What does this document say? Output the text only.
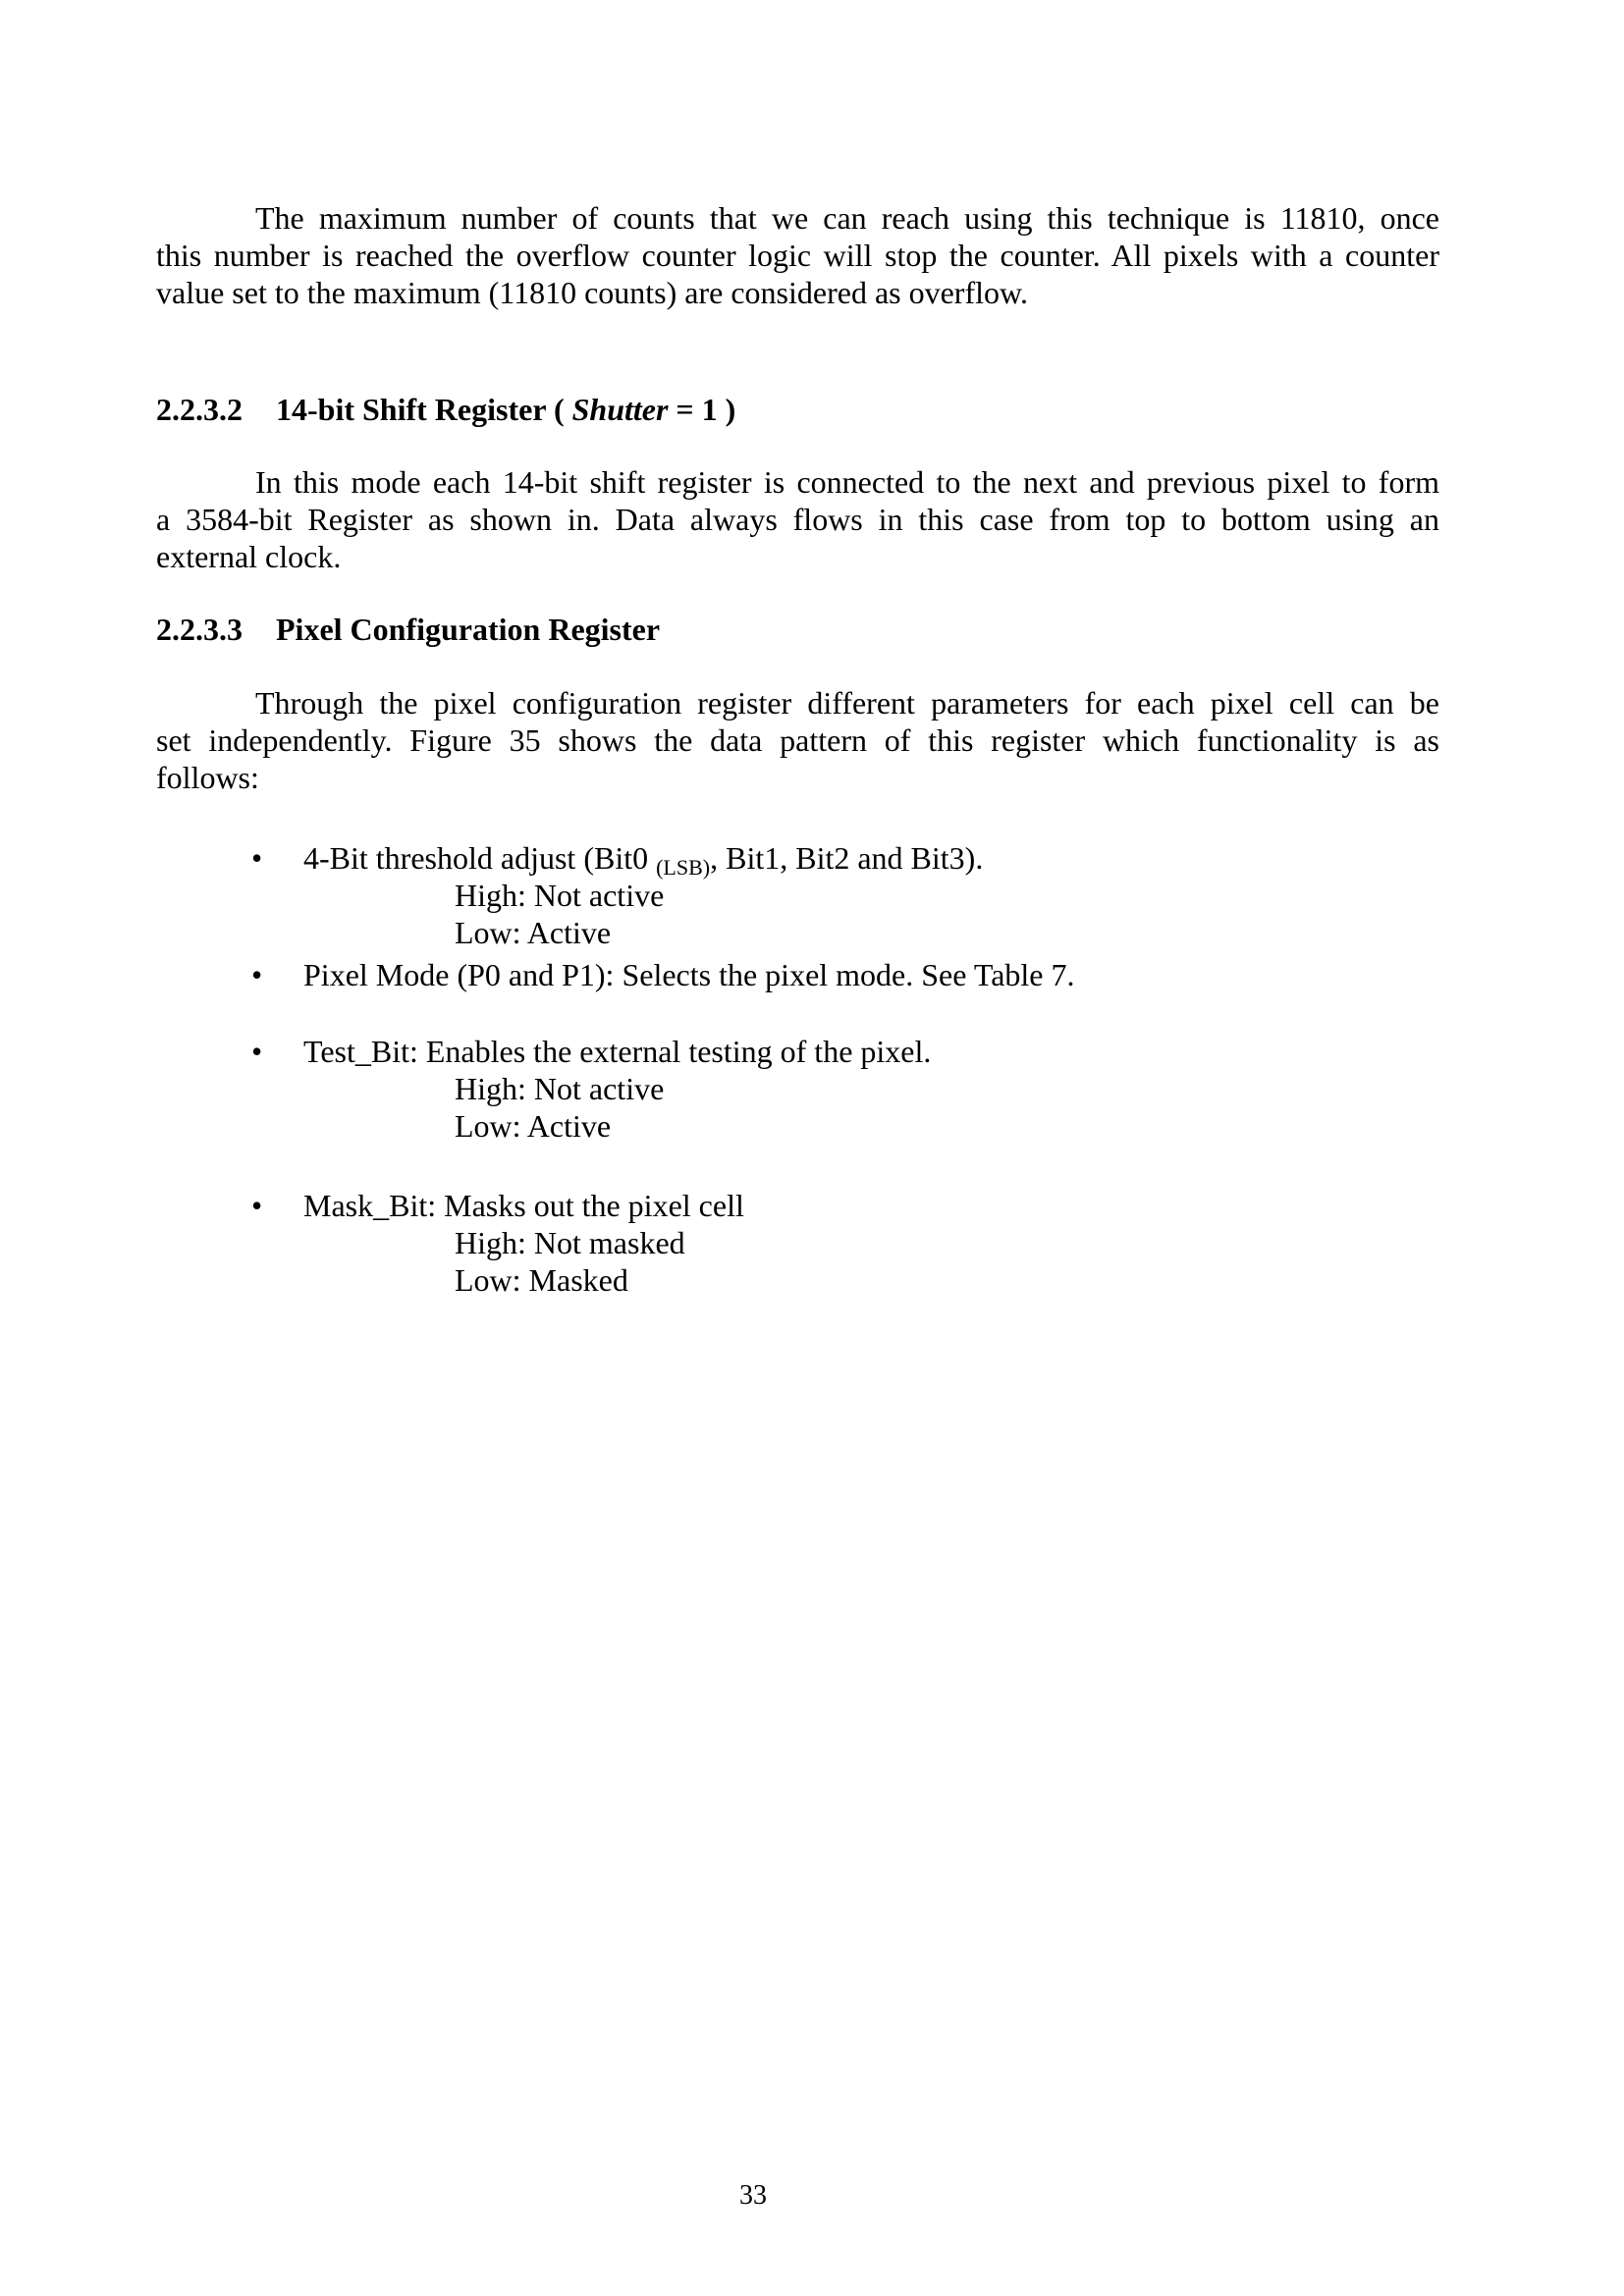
The maximum number of counts that we can reach using this technique is 11810, once
this number is reached the overflow counter logic will stop the counter. All pixels with a counter
value set to the maximum (11810 counts) are considered as overflow.
2.2.3.2 14-bit Shift Register ( Shutter = 1 )
In this mode each 14-bit shift register is connected to the next and previous pixel to form
a 3584-bit Register as shown in. Data always flows in this case from top to bottom using an
external clock.
2.2.3.3 Pixel Configuration Register
Through the pixel configuration register different parameters for each pixel cell can be
set independently. Figure 35 shows the data pattern of this register which functionality is as
follows:
• 4-Bit threshold adjust (Bit0 $_{(LSB)}$, Bit1, Bit2 and Bit3).
High: Not active
Low: Active
• Pixel Mode (P0 and P1): Selects the pixel mode. See Table 7.
• Test_Bit: Enables the external testing of the pixel.
High: Not active
Low: Active
• Mask_Bit: Masks out the pixel cell
High: Not masked
Low: Masked
33
